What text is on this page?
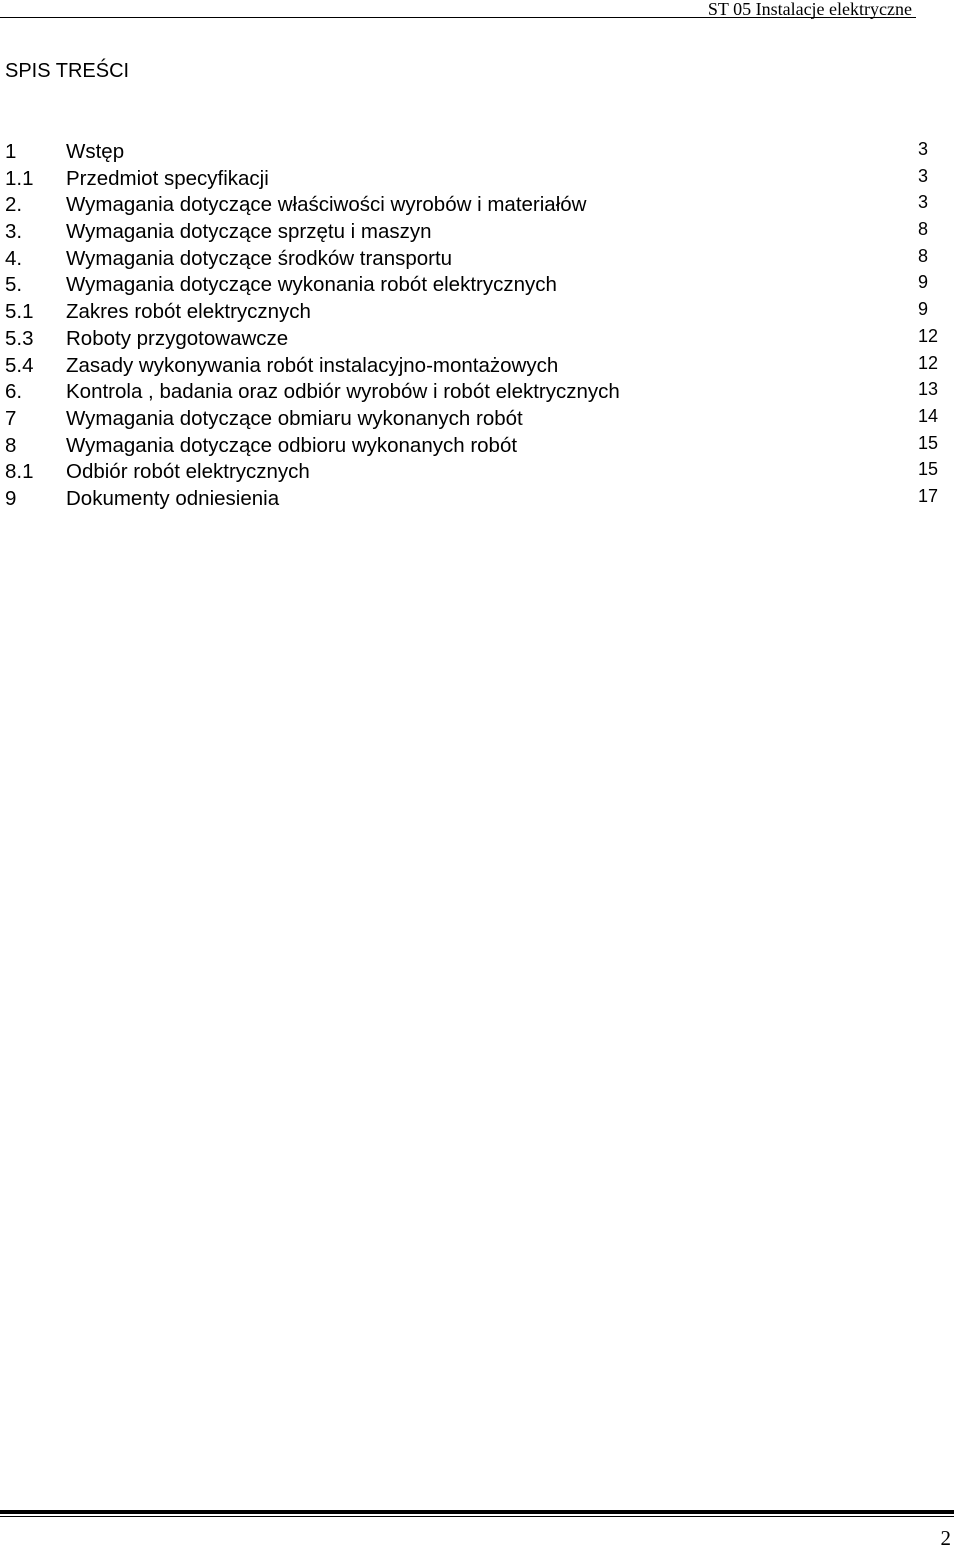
ST 05 Instalacje elektryczne
SPIS TREŚCI
1 Wstęp	3
1.1 Przedmiot specyfikacji	3
2. Wymagania dotyczące właściwości wyrobów i materiałów	3
3. Wymagania dotyczące sprzętu i maszyn	8
4. Wymagania dotyczące środków transportu	8
5. Wymagania dotyczące wykonania robót elektrycznych	9
5.1 Zakres robót elektrycznych	9
5.3 Roboty przygotowawcze	12
5.4 Zasady wykonywania robót instalacyjno-montażowych	12
6. Kontrola , badania oraz odbiór wyrobów i robót elektrycznych	13
7 Wymagania dotyczące obmiaru wykonanych robót	14
8 Wymagania dotyczące odbioru wykonanych robót	15
8.1 Odbiór robót elektrycznych	15
9 Dokumenty odniesienia	17
2
